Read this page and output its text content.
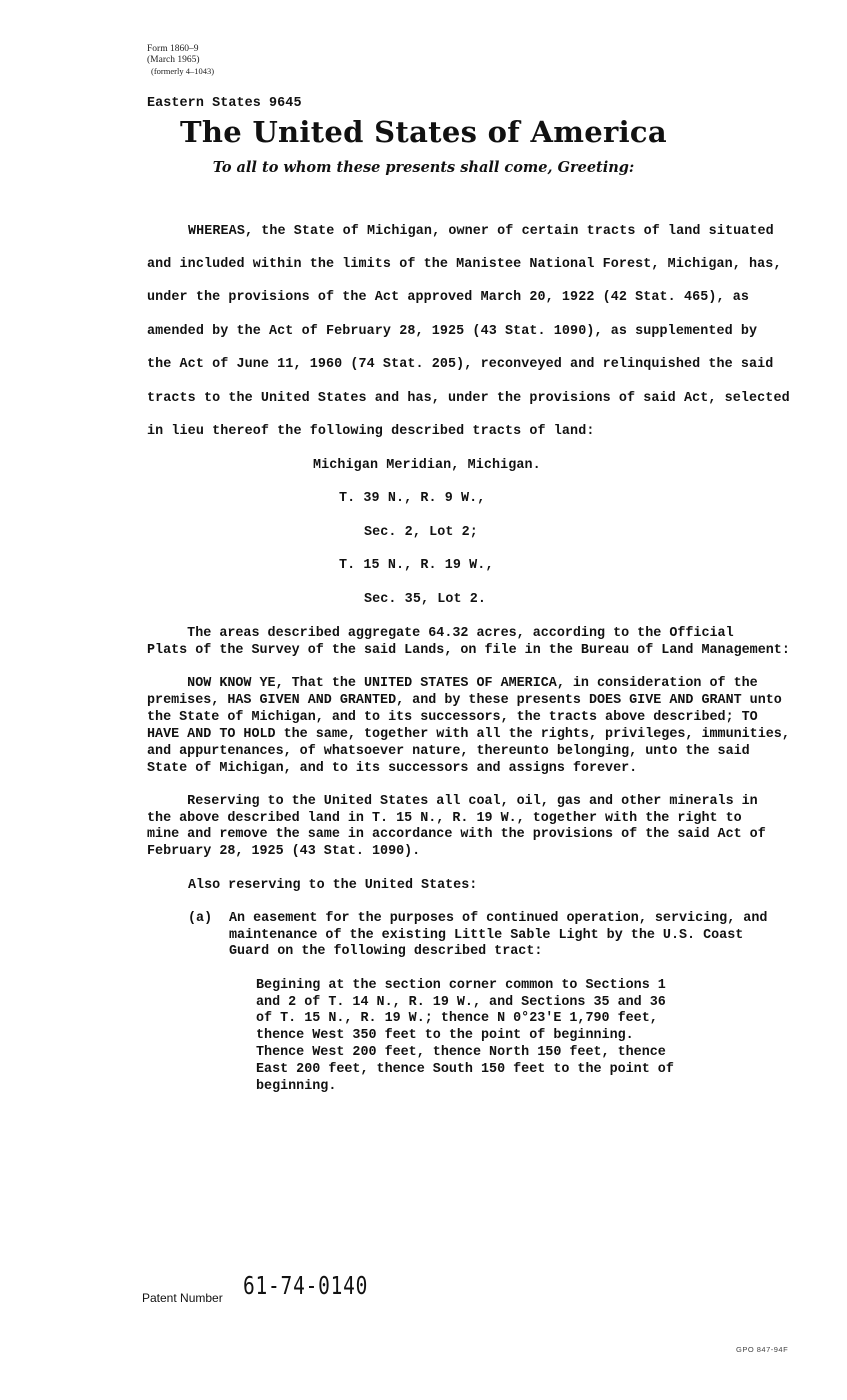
Form 1860–9
(March 1965)
(formerly 4–1043)
Eastern States 9645
The United States of America
To all to whom these presents shall come, Greeting:
WHEREAS, the State of Michigan, owner of certain tracts of land situated
and included within the limits of the Manistee National Forest, Michigan, has,
under the provisions of the Act approved March 20, 1922 (42 Stat. 465), as
amended by the Act of February 28, 1925 (43 Stat. 1090), as supplemented by
the Act of June 11, 1960 (74 Stat. 205), reconveyed and relinquished the said
tracts to the United States and has, under the provisions of said Act, selected
in lieu thereof the following described tracts of land:
Michigan Meridian, Michigan.
T. 39 N., R. 9 W.,
Sec. 2, Lot 2;
T. 15 N., R. 19 W.,
Sec. 35, Lot 2.
The areas described aggregate 64.32 acres, according to the Official
Plats of the Survey of the said Lands, on file in the Bureau of Land Management:
NOW KNOW YE, That the UNITED STATES OF AMERICA, in consideration of the
premises, HAS GIVEN AND GRANTED, and by these presents DOES GIVE AND GRANT unto
the State of Michigan, and to its successors, the tracts above described; TO
HAVE AND TO HOLD the same, together with all the rights, privileges, immunities,
and appurtenances, of whatsoever nature, thereunto belonging, unto the said
State of Michigan, and to its successors and assigns forever.
Reserving to the United States all coal, oil, gas and other minerals in
the above described land in T. 15 N., R. 19 W., together with the right to
mine and remove the same in accordance with the provisions of the said Act of
February 28, 1925 (43 Stat. 1090).
Also reserving to the United States:
(a) An easement for the purposes of continued operation, servicing, and
maintenance of the existing Little Sable Light by the U.S. Coast
Guard on the following described tract:
Begining at the section corner common to Sections 1
and 2 of T. 14 N., R. 19 W., and Sections 35 and 36
of T. 15 N., R. 19 W.; thence N 0°23'E 1,790 feet,
thence West 350 feet to the point of beginning.
Thence West 200 feet, thence North 150 feet, thence
East 200 feet, thence South 150 feet to the point of
beginning.
Patent Number 61-74-0140
GPO 847-94F
